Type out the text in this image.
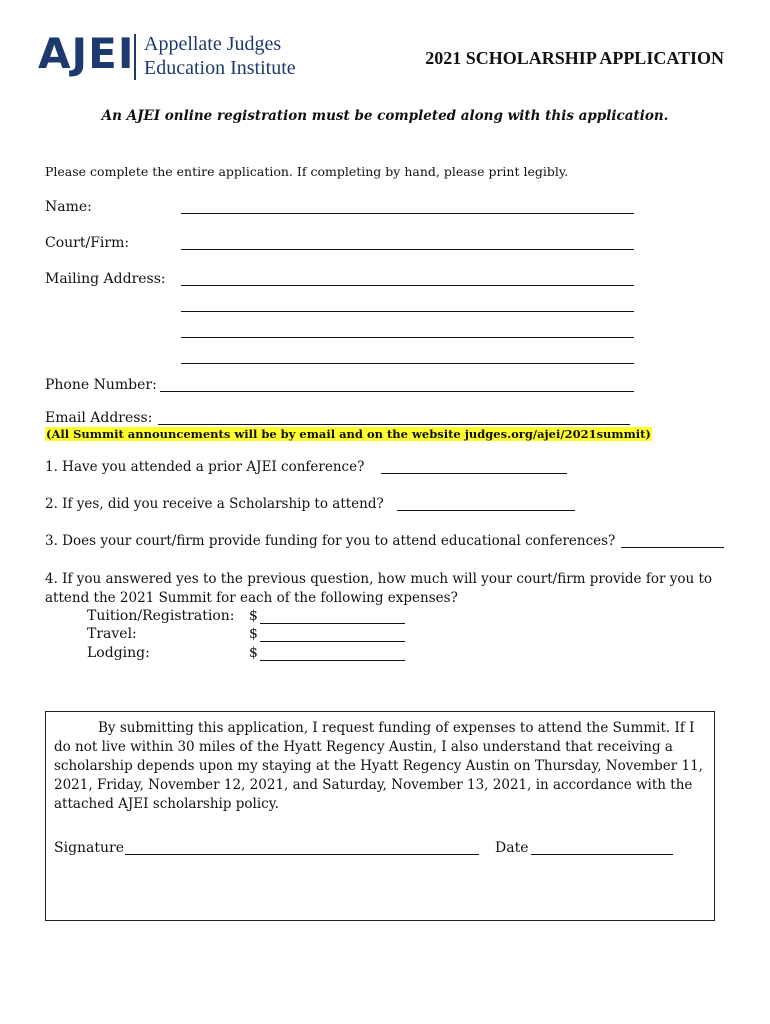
AJEI Appellate Judges
Education Institute	2021 SCHOLARSHIP APPLICATION
An AJEI online registration must be completed along with this application.
Please complete the entire application. If completing by hand, please print legibly.
Name:
Court/Firm:
Mailing Address:
Phone Number:
Email Address:
(All Summit announcements will be by email and on the website judges.org/ajei/2021summit)
1. Have you attended a prior AJEI conference?
2. If yes, did you receive a Scholarship to attend?
3. Does your court/firm provide funding for you to attend educational conferences?
4. If you answered yes to the previous question, how much will your court/firm provide for you to
attend the 2021 Summit for each of the following expenses?
Tuition/Registration: $
Travel:	$
Lodging:	$

By submitting this application, I request funding of expenses to attend the Summit. If I do not live within 30 miles of the Hyatt Regency Austin, I also understand that receiving a scholarship depends upon my staying at the Hyatt Regency Austin on Thursday, November 11, 2021, Friday, November 12, 2021, and Saturday, November 13, 2021, in accordance with the attached AJEI scholarship policy.

Signature	Date
